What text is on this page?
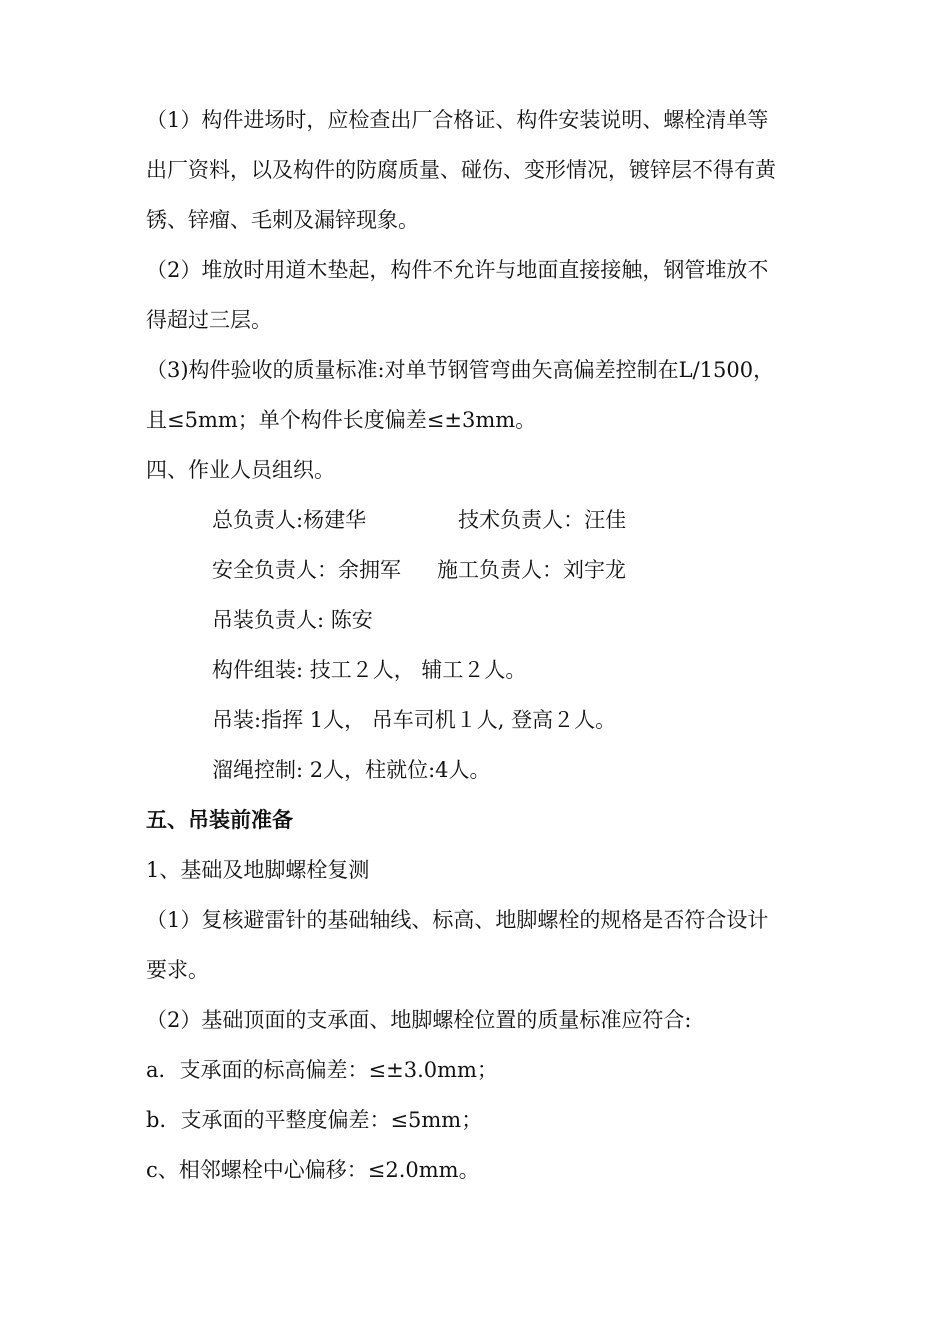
（1）构件进场时，应检查出厂合格证、构件安装说明、螺栓清单等
出厂资料，以及构件的防腐质量、碰伤、变形情况，镀锌层不得有黄
锈、锌瘤、毛刺及漏锌现象。
（2）堆放时用道木垫起，构件不允许与地面直接接触，钢管堆放不
得超过三层。
（3)构件验收的质量标准:对单节钢管弯曲矢高偏差控制在L/1500，
且≤5mm；单个构件长度偏差≤±3mm。
四、作业人员组织。
总负责人:杨建华	技术负责人：汪佳
安全负责人：余拥军 施工负责人：刘宇龙
吊装负责人: 陈安
构件组装: 技工２人， 辅工２人。
吊装:指挥 1人， 吊车司机１人, 登高２人。
溜绳控制: 2人，柱就位:4人。
五、吊装前准备
1、基础及地脚螺栓复测
（1）复核避雷针的基础轴线、标高、地脚螺栓的规格是否符合设计
要求。
（2）基础顶面的支承面、地脚螺栓位置的质量标准应符合:
a．支承面的标高偏差：≤±3.0mm；
b．支承面的平整度偏差：≤5mm；
c、相邻螺栓中心偏移：≤2.0mm。
